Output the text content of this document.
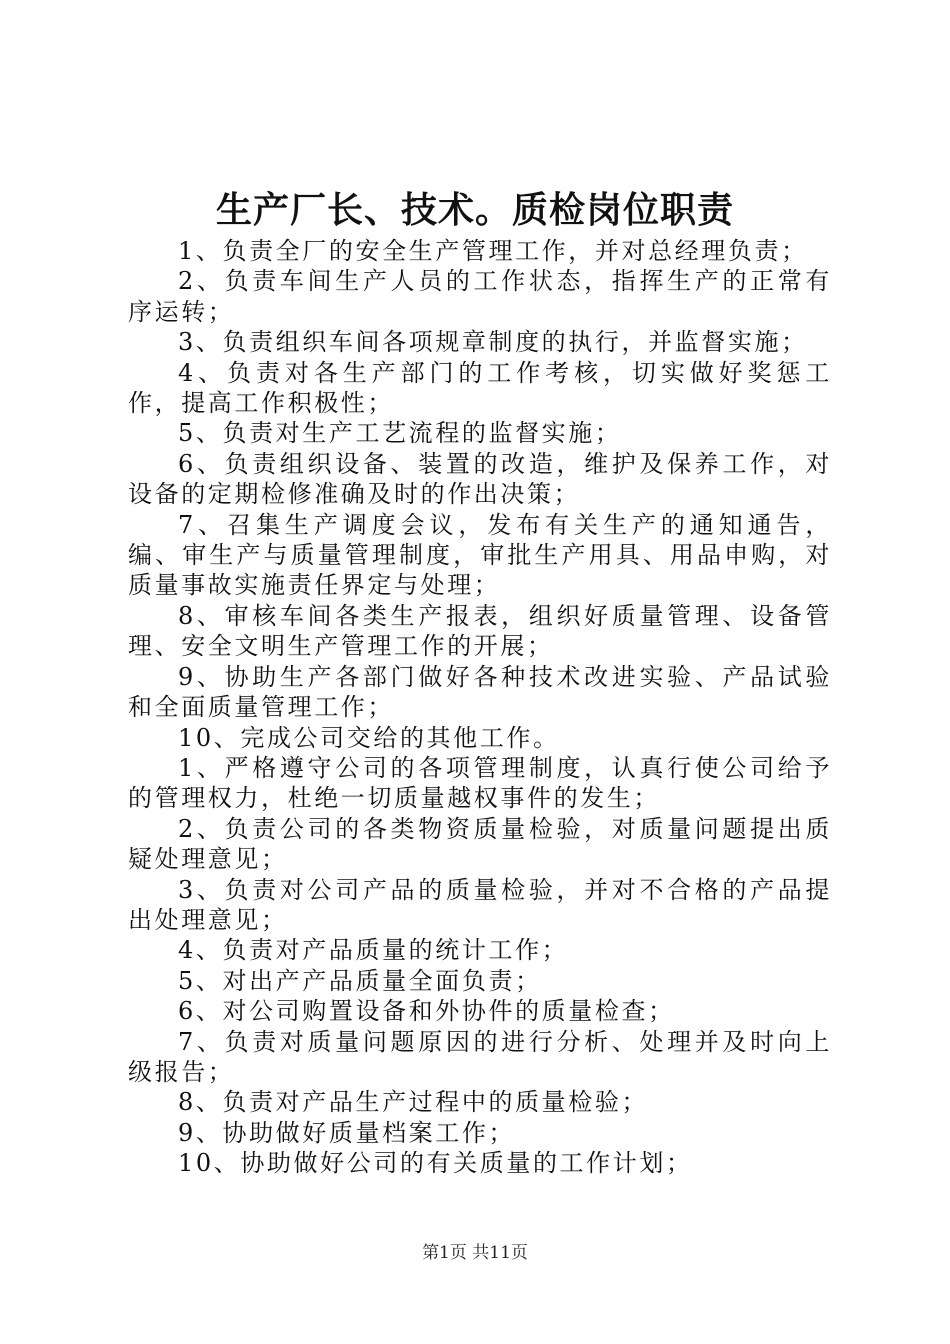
生产厂长、技术。质检岗位职责

1、负责全厂的安全生产管理工作，并对总经理负责；

2、负责车间生产人员的工作状态，指挥生产的正常有序运转；

3、负责组织车间各项规章制度的执行，并监督实施；

4、负责对各生产部门的工作考核，切实做好奖惩工作，提高工作积极性；

5、负责对生产工艺流程的监督实施；

6、负责组织设备、装置的改造，维护及保养工作，对设备的定期检修准确及时的作出决策；

7、召集生产调度会议，发布有关生产的通知通告，编、审生产与质量管理制度，审批生产用具、用品申购，对质量事故实施责任界定与处理；

8、审核车间各类生产报表，组织好质量管理、设备管理、安全文明生产管理工作的开展；

9、协助生产各部门做好各种技术改进实验、产品试验和全面质量管理工作；

10、完成公司交给的其他工作。

1、严格遵守公司的各项管理制度，认真行使公司给予的管理权力，杜绝一切质量越权事件的发生；

2、负责公司的各类物资质量检验，对质量问题提出质疑处理意见；

3、负责对公司产品的质量检验，并对不合格的产品提出处理意见；

4、负责对产品质量的统计工作；

5、对出产产品质量全面负责；

6、对公司购置设备和外协件的质量检查；

7、负责对质量问题原因的进行分析、处理并及时向上级报告；

8、负责对产品生产过程中的质量检验；

9、协助做好质量档案工作；

10、协助做好公司的有关质量的工作计划；

第1页 共11页
